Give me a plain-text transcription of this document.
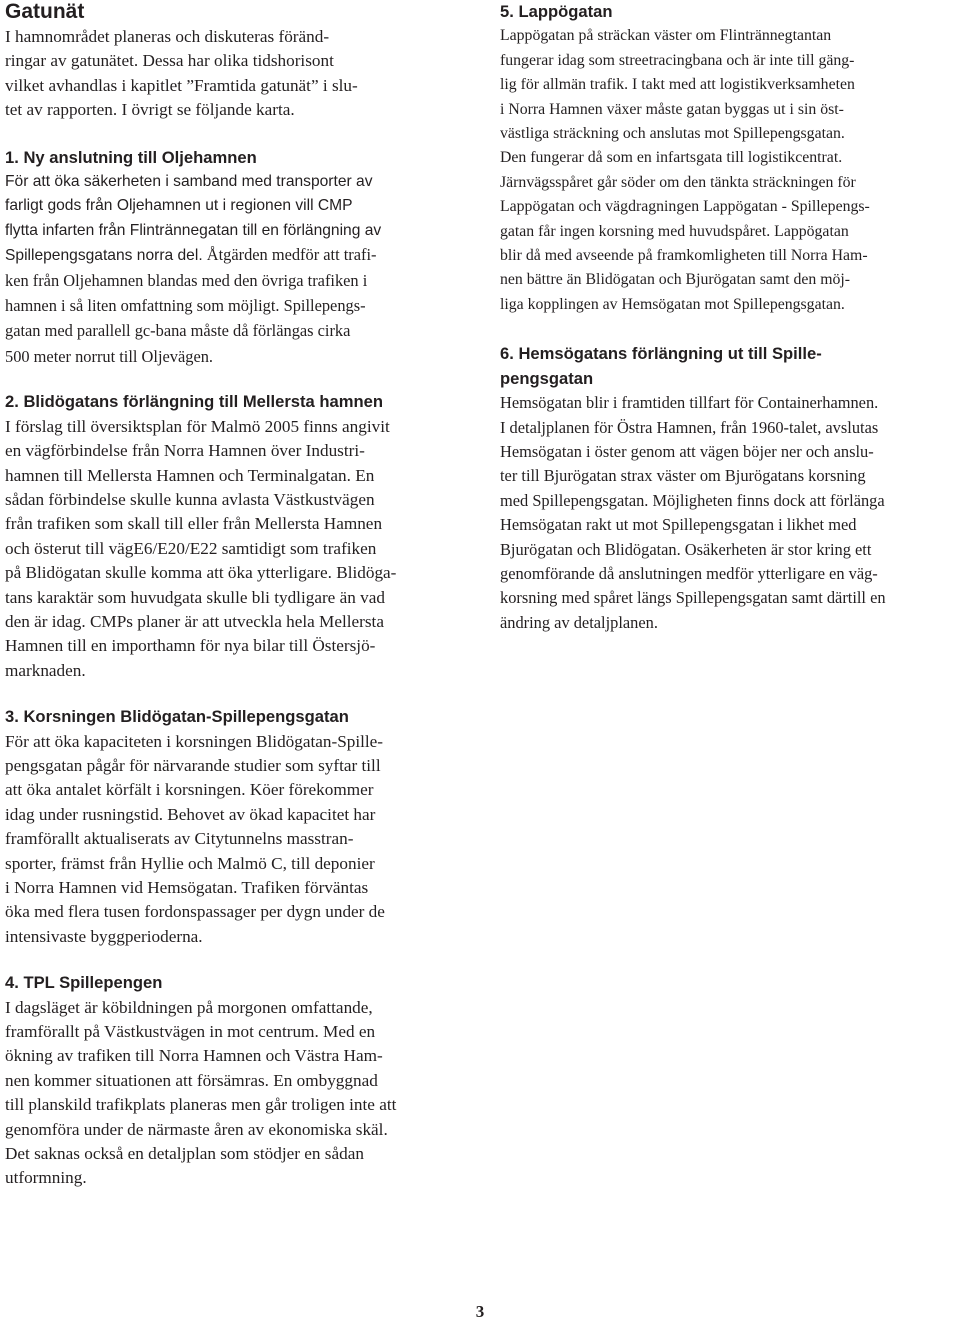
Gatunät

I hamnområdet planeras och diskuteras föränd-
ringar av gatunätet. Dessa har olika tidshorisont
vilket avhandlas i kapitlet ”Framtida gatunät” i slu-
tet av rapporten. I övrigt se följande karta.

1. Ny anslutning till Oljehamnen

För att öka säkerheten i samband med transporter av
farligt gods från Oljehamnen ut i regionen vill CMP
flytta infarten från Flintrännegatan till en förlängning av
Spillepengsgatans norra del. Åtgärden medför att trafi-
ken från Oljehamnen blandas med den övriga trafiken i
hamnen i så liten omfattning som möjligt. Spillepengs-
gatan med parallell gc-bana måste då förlängas cirka
500 meter norrut till Oljevägen.

2. Blidögatans förlängning till Mellersta hamnen

I förslag till översiktsplan för Malmö 2005 finns angivit
en vägförbindelse från Norra Hamnen över Industri-
hamnen till Mellersta Hamnen och Terminalgatan. En
sådan förbindelse skulle kunna avlasta Västkustvägen
från trafiken som skall till eller från Mellersta Hamnen
och österut till vägE6/E20/E22 samtidigt som trafiken
på Blidögatan skulle komma att öka ytterligare. Blidöga-
tans karaktär som huvudgata skulle bli tydligare än vad
den är idag. CMPs planer är att utveckla hela Mellersta
Hamnen till en importhamn för nya bilar till Östersjö-
marknaden.

3. Korsningen Blidögatan-Spillepengsgatan

För att öka kapaciteten i korsningen Blidögatan-Spille-
pengsgatan pågår för närvarande studier som syftar till
att öka antalet körfält i korsningen. Köer förekommer
idag under rusningstid. Behovet av ökad kapacitet har
framförallt aktualiserats av Citytunnelns masstran-
sporter, främst från Hyllie och Malmö C, till deponier
i Norra Hamnen vid Hemsögatan. Trafiken förväntas
öka med flera tusen fordonspassager per dygn under de
intensivaste byggperioderna.

4. TPL Spillepengen

I dagsläget är köbildningen på morgonen omfattande,
framförallt på Västkustvägen in mot centrum. Med en
ökning av trafiken till Norra Hamnen och Västra Ham-
nen kommer situationen att försämras. En ombyggnad
till planskild trafikplats planeras men går troligen inte att
genomföra under de närmaste åren av ekonomiska skäl.
Det saknas också en detaljplan som stödjer en sådan
utformning.

5. Lappögatan

Lappögatan på sträckan väster om Flintrännegtantan
fungerar idag som streetracingbana och är inte till gäng-
lig för allmän trafik. I takt med att logistikverksamheten
i Norra Hamnen växer måste gatan byggas ut i sin öst-
västliga sträckning och anslutas mot Spillepengsgatan.
Den fungerar då som en infartsgata till logistikcentrat.
Järnvägsspåret går söder om den tänkta sträckningen för
Lappögatan och vägdragningen Lappögatan - Spillepengs-
gatan får ingen korsning med huvudspåret. Lappögatan
blir då med avseende på framkomligheten till Norra Ham-
nen bättre än Blidögatan och Bjurögatan samt den möj-
liga kopplingen av Hemsögatan mot Spillepengsgatan.

6. Hemsögatans förlängning ut till Spille-
pengsgatan

Hemsögatan blir i framtiden tillfart för Containerhamnen.
I detaljplanen för Östra Hamnen, från 1960-talet, avslutas
Hemsögatan i öster genom att vägen böjer ner och anslu-
ter till Bjurögatan strax väster om Bjurögatans korsning
med Spillepengsgatan. Möjligheten finns dock att förlänga
Hemsögatan rakt ut mot Spillepengsgatan i likhet med
Bjurögatan och Blidögatan. Osäkerheten är stor kring ett
genomförande då anslutningen medför ytterligare en väg-
korsning med spåret längs Spillepengsgatan samt därtill en
ändring av detaljplanen.

3
